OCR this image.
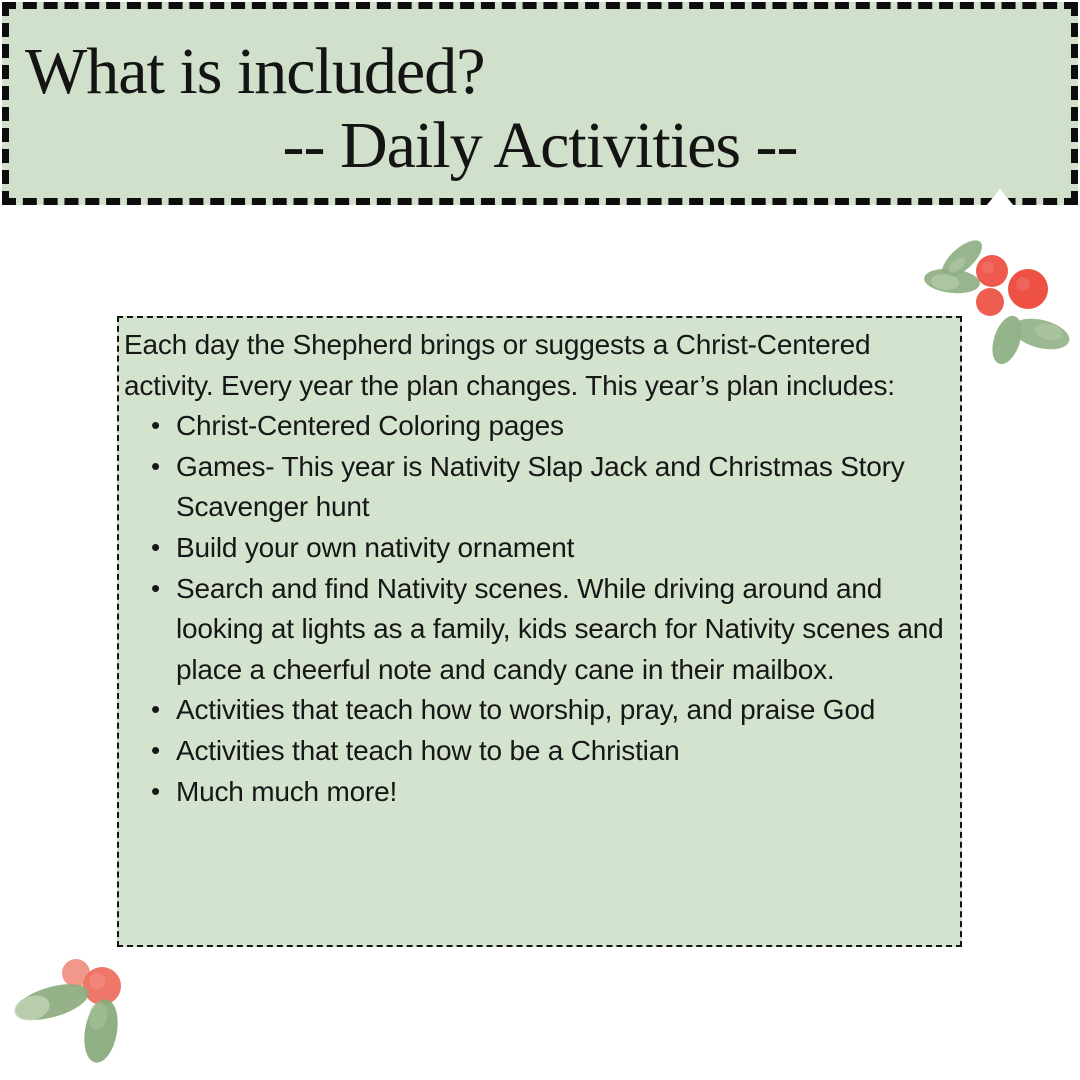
What is included?
-- Daily Activities --

Each day the Shepherd brings or suggests a Christ-Centered activity. Every year the plan changes. This year’s plan includes:

• Christ-Centered Coloring pages
• Games- This year is Nativity Slap Jack and Christmas Story Scavenger hunt
• Build your own nativity ornament
• Search and find Nativity scenes. While driving around and looking at lights as a family, kids search for Nativity scenes and place a cheerful note and candy cane in their mailbox.
• Activities that teach how to worship, pray, and praise God
• Activities that teach how to be a Christian
• Much much more!
